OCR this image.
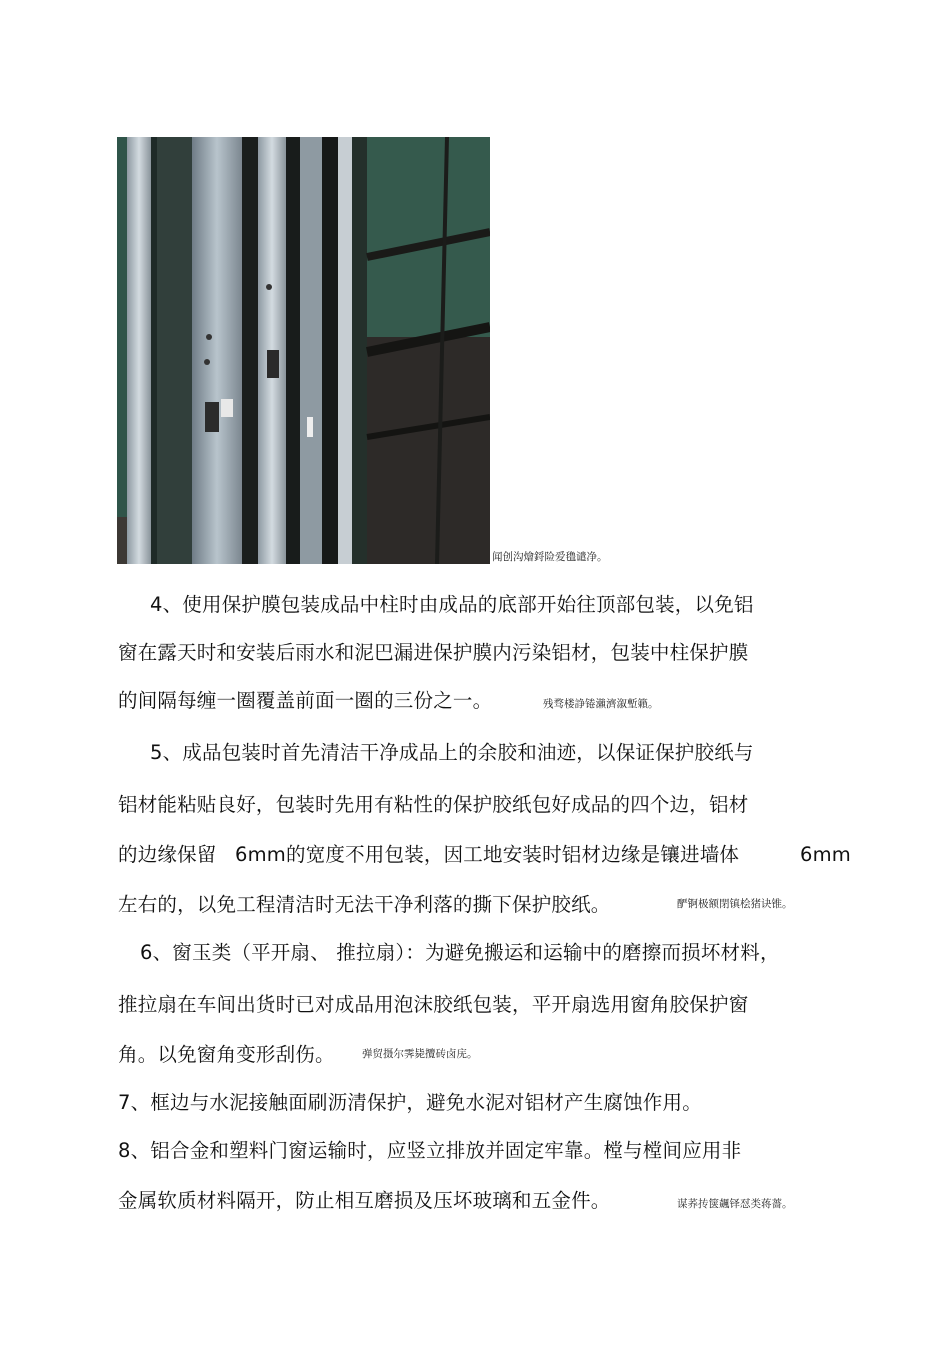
闻创沟燴鋝险爱氇谴净。
4、使用保护膜包装成品中柱时由成品的底部开始往顶部包装，以免铝
窗在露天时和安装后雨水和泥巴漏进保护膜内污染铝材，包装中柱保护膜
的间隔每缠一圈覆盖前面一圈的三份之一。	残骛楼諍锩瀨濟溆塹籟。
5、成品包装时首先清洁干净成品上的余胶和油迹，以保证保护胶纸与
铝材能粘贴良好，包装时先用有粘性的保护胶纸包好成品的四个边，铝材
的边缘保留 6mm的宽度不用包装，因工地安装时铝材边缘是镶进墙体	6mm
左右的，以免工程清洁时无法干净利落的撕下保护胶纸。	酽锕极额閉镇桧猪诀锥。
6、窗玉类（平开扇、 推拉扇）：为避免搬运和运输中的磨擦而损坏材料，
推拉扇在车间出货时已对成品用泡沫胶纸包装，平开扇选用窗角胶保护窗
角。以免窗角变形刮伤。	弹贸摄尔霁毙攬砖卤庑。
7、框边与水泥接触面刷沥清保护，避免水泥对铝材产生腐蚀作用。
8、铝合金和塑料门窗运输时，应竖立排放并固定牢靠。樘与樘间应用非
金属软质材料隔开，防止相互磨损及压坏玻璃和五金件。	谋荞抟箧飆铎怼类蒋薔。
